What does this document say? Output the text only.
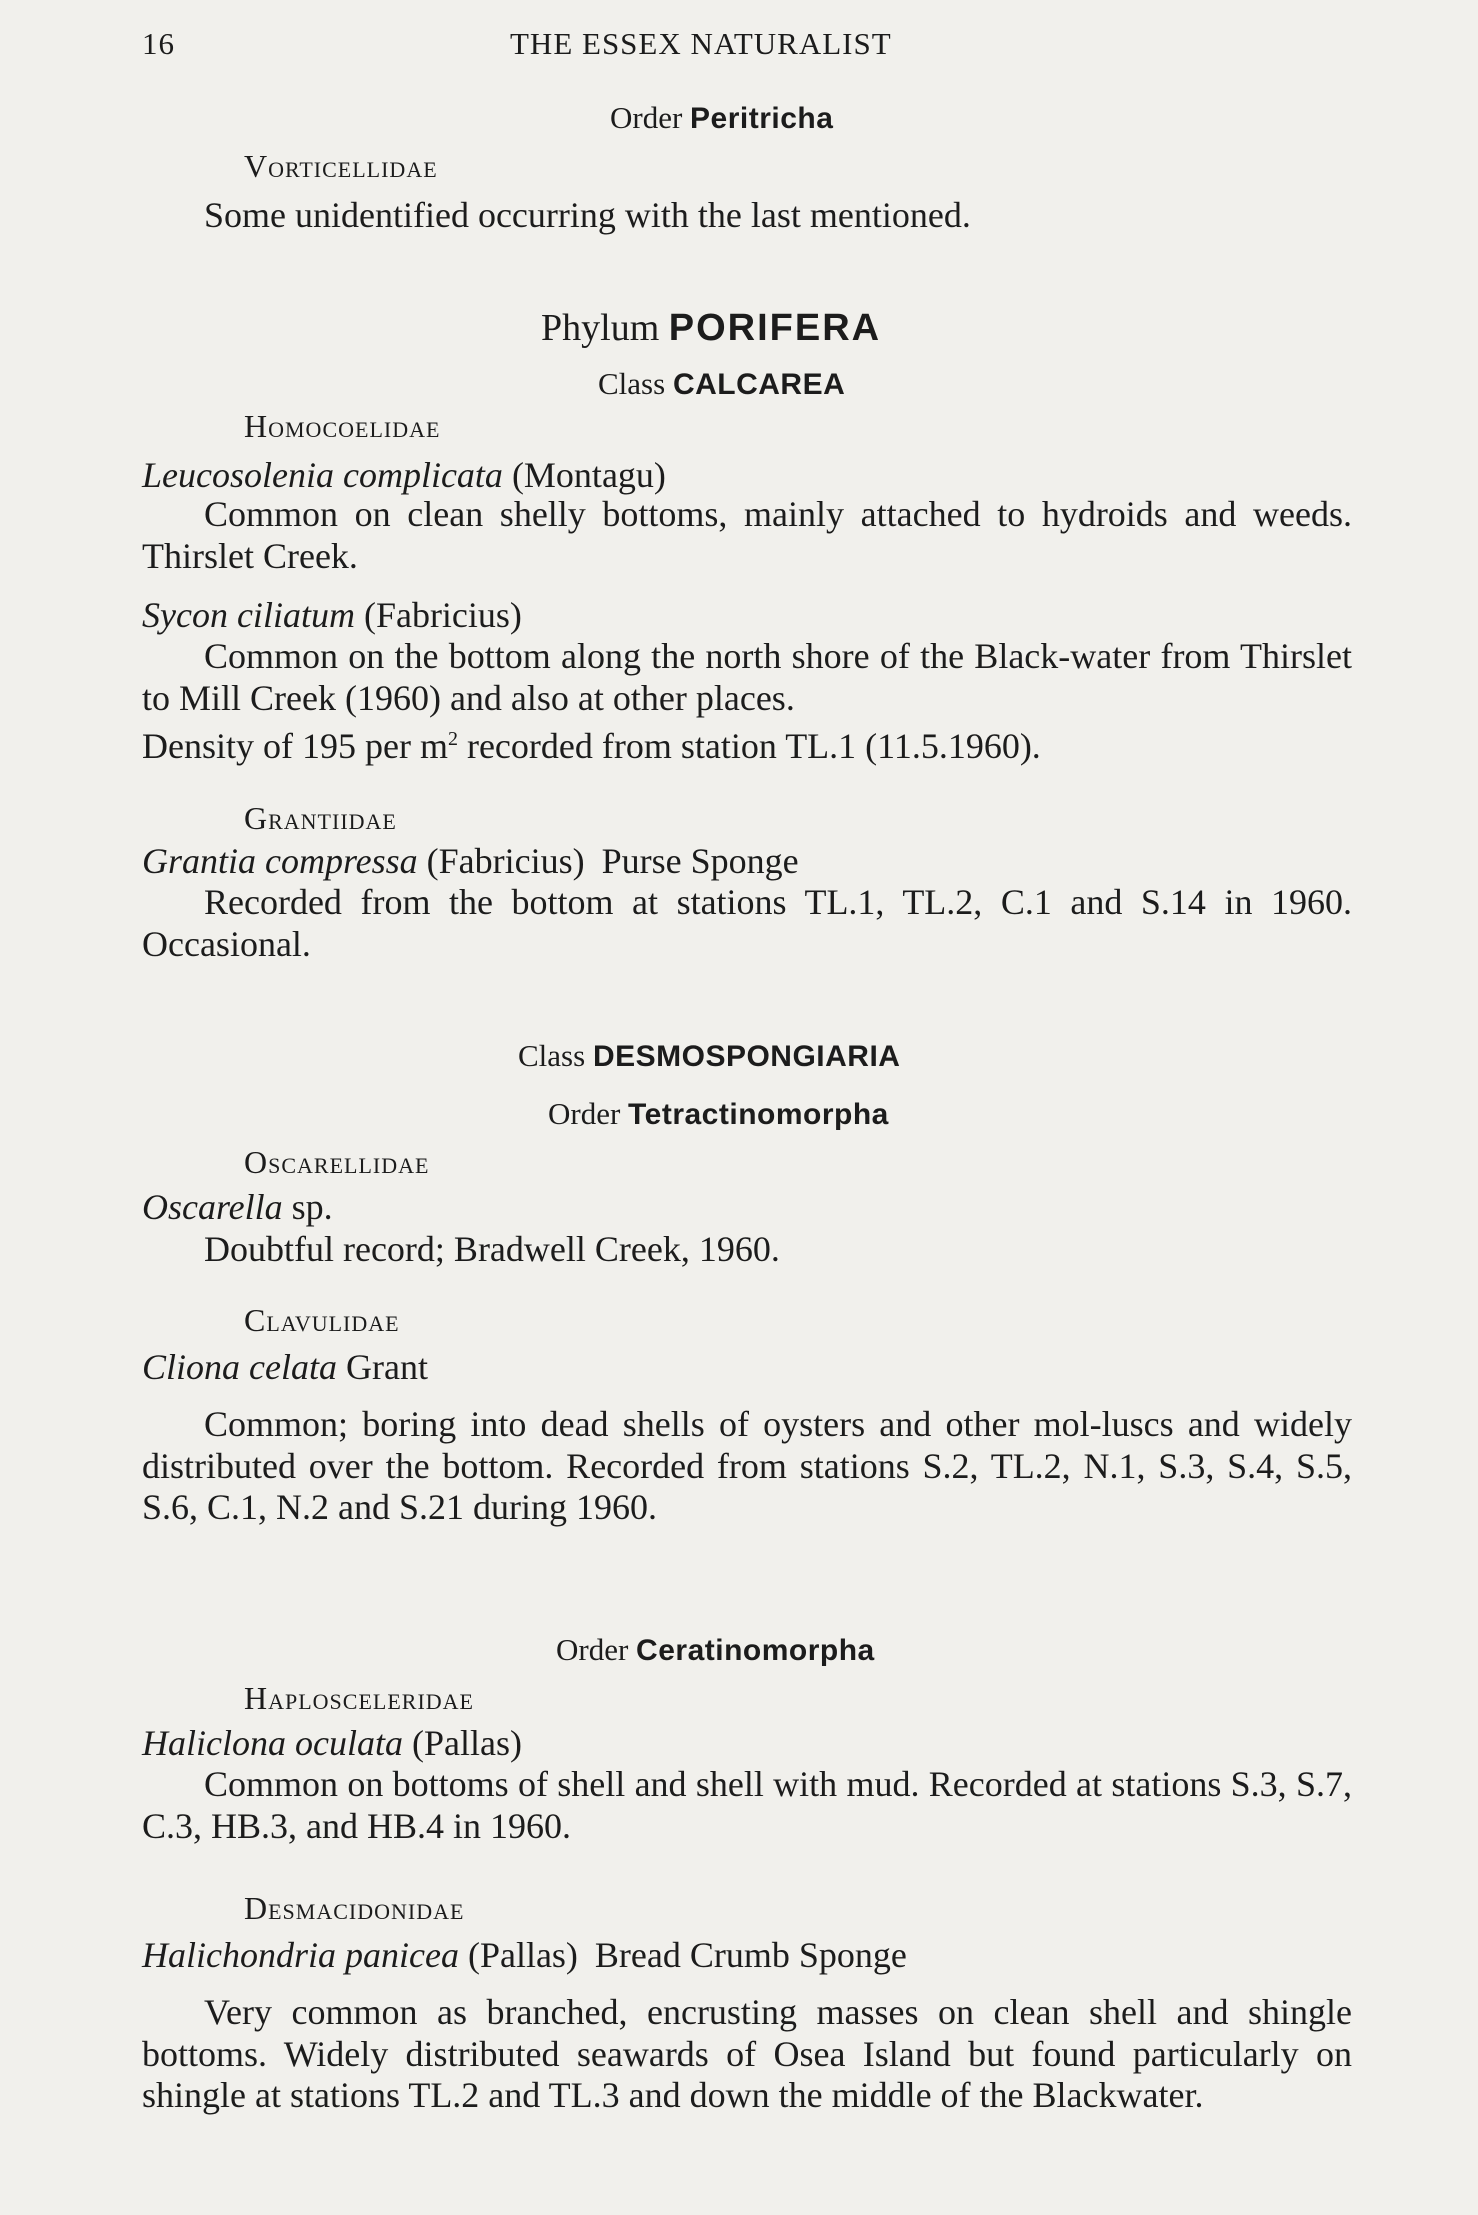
16	THE ESSEX NATURALIST
Order Peritricha
Vorticellidae
Some unidentified occurring with the last mentioned.
Phylum PORIFERA
Class CALCAREA
Homocoelidae
Leucosolenia complicata (Montagu)
Common on clean shelly bottoms, mainly attached to hydroids and weeds. Thirslet Creek.
Sycon ciliatum (Fabricius)
Common on the bottom along the north shore of the Black-water from Thirslet to Mill Creek (1960) and also at other places.
Density of 195 per $m^2$ recorded from station TL.1 (11.5.1960).
Grantiidae
Grantia compressa (Fabricius) Purse Sponge
Recorded from the bottom at stations TL.1, TL.2, C.1 and S.14 in 1960. Occasional.
Class DESMOSPONGIARIA
Order Tetractinomorpha
Oscarellidae
Oscarella sp.
Doubtful record; Bradwell Creek, 1960.
Clavulidae
Cliona celata Grant
Common; boring into dead shells of oysters and other mol-luscs and widely distributed over the bottom. Recorded from stations S.2, TL.2, N.1, S.3, S.4, S.5, S.6, C.1, N.2 and S.21 during 1960.
Order Ceratinomorpha
Haplosceleridae
Haliclona oculata (Pallas)
Common on bottoms of shell and shell with mud. Recorded at stations S.3, S.7, C.3, HB.3, and HB.4 in 1960.
Desmacidonidae
Halichondria panicea (Pallas) Bread Crumb Sponge
Very common as branched, encrusting masses on clean shell and shingle bottoms. Widely distributed seawards of Osea Island but found particularly on shingle at stations TL.2 and TL.3 and down the middle of the Blackwater.
